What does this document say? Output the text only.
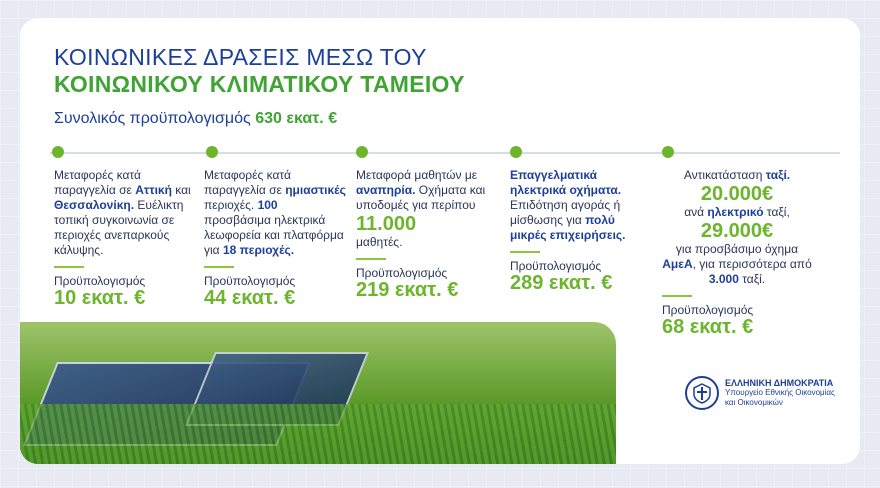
ΚΟΙΝΩΝΙΚΕΣ ΔΡΑΣΕΙΣ ΜΕΣΩ ΤΟΥ
ΚΟΙΝΩΝΙΚΟΥ ΚΛΙΜΑΤΙΚΟΥ ΤΑΜΕΙΟΥ
Συνολικός προϋπολογισμός 630 εκατ. €

Μεταφορές κατά παραγγελία σε Αττική και Θεσσαλονίκη. Ευέλικτη τοπική συγκοινωνία σε περιοχές ανεπαρκούς κάλυψης.

Προϋπολογισμός
10 εκατ. €

Μεταφορές κατά παραγγελία σε ημιαστικές περιοχές. 100 προσβάσιμα ηλεκτρικά λεωφορεία και πλατφόρμα για 18 περιοχές.

Προϋπολογισμός
44 εκατ. €

Μεταφορά μαθητών με αναπηρία. Οχήματα και υποδομές για περίπου
11.000
μαθητές.

Προϋπολογισμός
219 εκατ. €

Επαγγελματικά ηλεκτρικά οχήματα. Επιδότηση αγοράς ή μίσθωσης για πολύ μικρές επιχειρήσεις.

Προϋπολογισμός
289 εκατ. €

Αντικατάσταση ταξί.
20.000€
ανά ηλεκτρικό ταξί,
29.000€
για προσβάσιμο όχημα ΑμεΑ, για περισσότερα από 3.000 ταξί.

Προϋπολογισμός
68 εκατ. €
ΕΛΛΗΝΙΚΗ ΔΗΜΟΚΡΑΤΙΑ
Υπουργείο Εθνικής Οικονομίας
και Οικονομικών
